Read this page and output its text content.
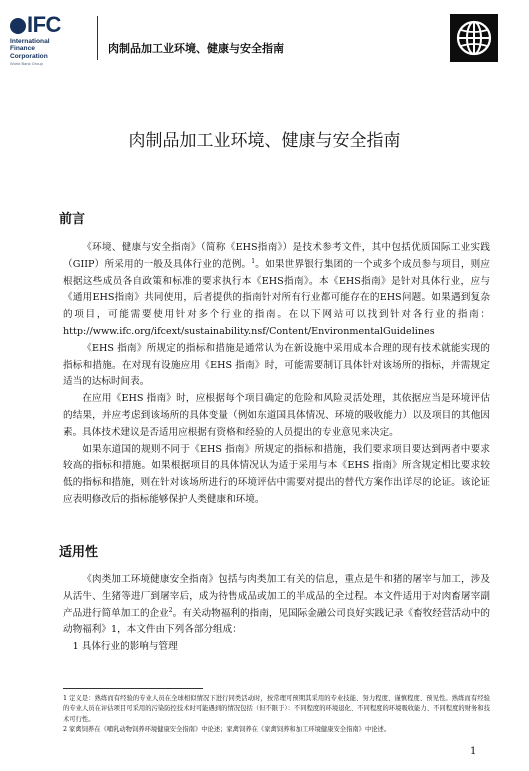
IFC
International
Finance
Corporation
World Bank Group
肉制品加工业环境、健康与安全指南
肉制品加工业环境、健康与安全指南
前言

《环境、健康与安全指南》（简称《EHS指南》）是技术参考文件，其中包括优质国际工业实践（GIIP）所采用的一般及具体行业的范例。$^1$。如果世界银行集团的一个或多个成员参与项目，则应根据这些成员各自政策和标准的要求执行本《EHS指南》。本《EHS指南》是针对具体行业，应与《通用EHS指南》共同使用，后者提供的指南针对所有行业都可能存在的EHS问题。如果遇到复杂的项目，可能需要使用针对多个行业的指南。在以下网站可以找到针对各行业的指南：http://www.ifc.org/ifcext/sustainability.nsf/Content/EnvironmentalGuidelines

《EHS 指南》所规定的指标和措施是通常认为在新设施中采用成本合理的现有技术就能实现的指标和措施。在对现有设施应用《EHS 指南》时，可能需要制订具体针对该场所的指标，并需规定适当的达标时间表。

在应用《EHS 指南》时，应根据每个项目确定的危险和风险灵活处理，其依据应当是环境评估的结果，并应考虑到该场所的具体变量（例如东道国具体情况、环境的吸收能力）以及项目的其他因素。具体技术建议是否适用应根据有资格和经验的人员提出的专业意见来决定。

如果东道国的规则不同于《EHS 指南》所规定的指标和措施，我们要求项目要达到两者中要求较高的指标和措施。如果根据项目的具体情况认为适于采用与本《EHS 指南》所含规定相比要求较低的指标和措施，则在针对该场所进行的环境评估中需要对提出的替代方案作出详尽的论证。该论证应表明修改后的指标能够保护人类健康和环境。

适用性

《肉类加工环境健康安全指南》包括与肉类加工有关的信息，重点是牛和猪的屠宰与加工，涉及从活牛、生猪等进厂到屠宰后，成为待售成品或加工的半成品的全过程。本文件适用于对肉畜屠宰副产品进行简单加工的企业$^2$。有关动物福利的指南，见国际金融公司良好实践记录《畜牧经营活动中的动物福利》1，本文件由下列各部分组成：

1 具体行业的影响与管理

1 定义是：熟练而有经验的专业人员在全球相似情况下进行同类活动时，按常理可预期其采用的专业技能、努力程度、谨慎程度、预见性。熟练而有经验的专业人员在评估项目可采用的污染防控技术时可能遇到的情况包括（但不限于）：不同程度的环境退化、不同程度的环境吸收能力、不同程度的财务和技术可行性。

2 家禽饲养在《哺乳动物饲养环境健康安全指南》中论述；家禽饲养在《家禽饲养和加工环境健康安全指南》中论述。

1
